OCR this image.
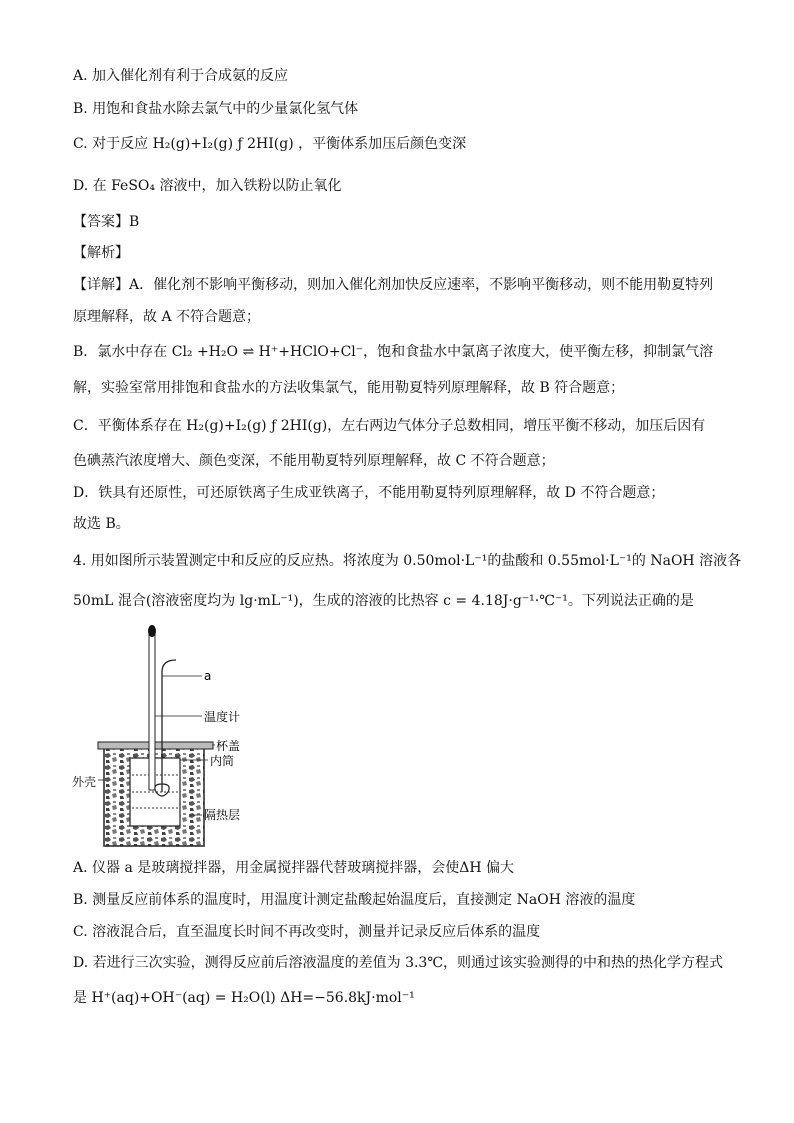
A. 加入催化剂有利于合成氨的反应
B. 用饱和食盐水除去氯气中的少量氯化氢气体
C. 对于反应 H₂(g)+I₂(g) ƒ 2HI(g) ，平衡体系加压后颜色变深
D. 在 FeSO₄ 溶液中，加入铁粉以防止氧化
【答案】B
【解析】
【详解】A．催化剂不影响平衡移动，则加入催化剂加快反应速率，不影响平衡移动，则不能用勒夏特列
原理解释，故 A 不符合题意；
B．氯水中存在 Cl₂ +H₂O ⇌ H⁺+HClO+Cl⁻，饱和食盐水中氯离子浓度大，使平衡左移，抑制氯气溶
解，实验室常用排饱和食盐水的方法收集氯气，能用勒夏特列原理解释，故 B 符合题意；
C．平衡体系存在 H₂(g)+I₂(g) ƒ 2HI(g)，左右两边气体分子总数相同，增压平衡不移动，加压后因有
色碘蒸汽浓度增大、颜色变深，不能用勒夏特列原理解释，故 C 不符合题意；
D．铁具有还原性，可还原铁离子生成亚铁离子，不能用勒夏特列原理解释，故 D 不符合题意；
故选 B。
4. 用如图所示装置测定中和反应的反应热。将浓度为 0.50mol·L⁻¹的盐酸和 0.55mol·L⁻¹的 NaOH 溶液各
50mL 混合(溶液密度均为 lg·mL⁻¹)，生成的溶液的比热容 c = 4.18J·g⁻¹·℃⁻¹。下列说法正确的是
a
温度计
杯盖
内筒
隔热层
外壳
A. 仪器 a 是玻璃搅拌器，用金属搅拌器代替玻璃搅拌器，会使ΔH 偏大
B. 测量反应前体系的温度时，用温度计测定盐酸起始温度后，直接测定 NaOH 溶液的温度
C. 溶液混合后，直至温度长时间不再改变时，测量并记录反应后体系的温度
D. 若进行三次实验，测得反应前后溶液温度的差值为 3.3℃，则通过该实验测得的中和热的热化学方程式
是 H⁺(aq)+OH⁻(aq) = H₂O(l) ΔH=−56.8kJ·mol⁻¹
